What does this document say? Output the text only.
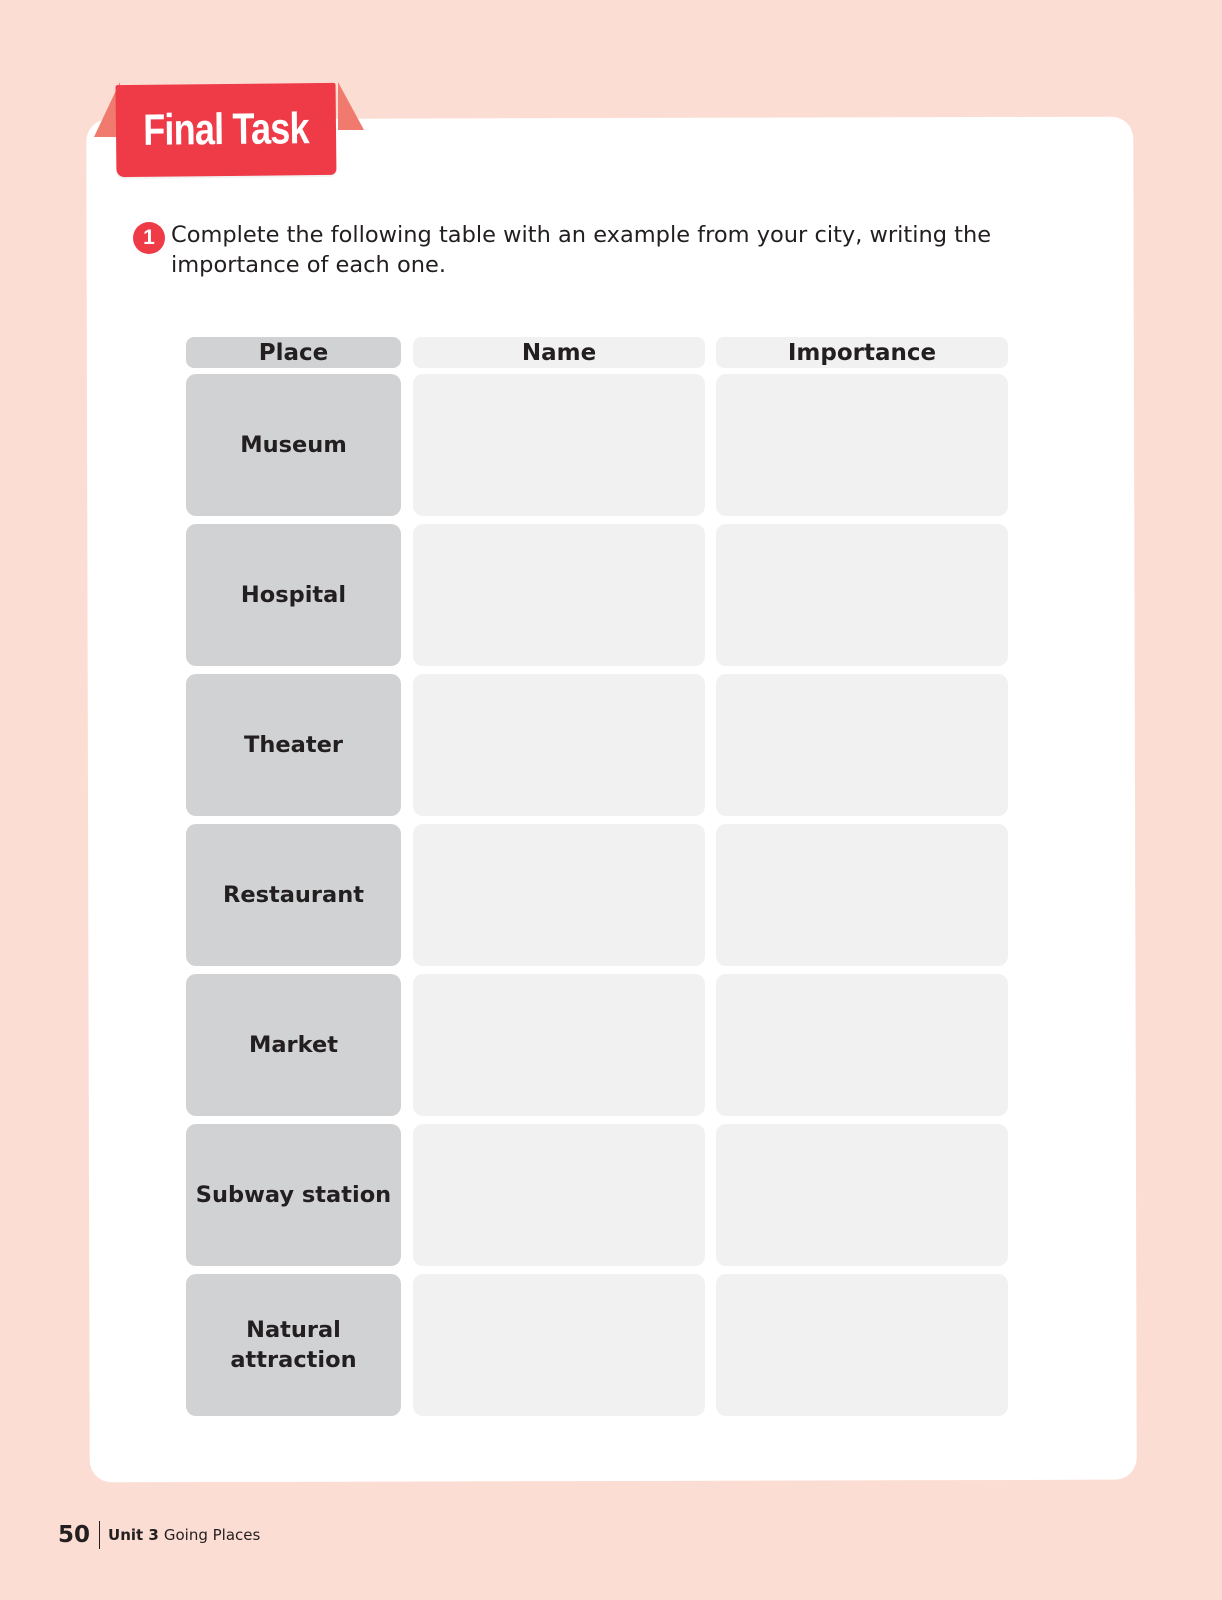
Final Task
1 Complete the following table with an example from your city, writing the importance of each one.
Place	Name	Importance
Museum
Hospital
Theater
Restaurant
Market
Subway station
Natural attraction
50 Unit 3 Going Places
